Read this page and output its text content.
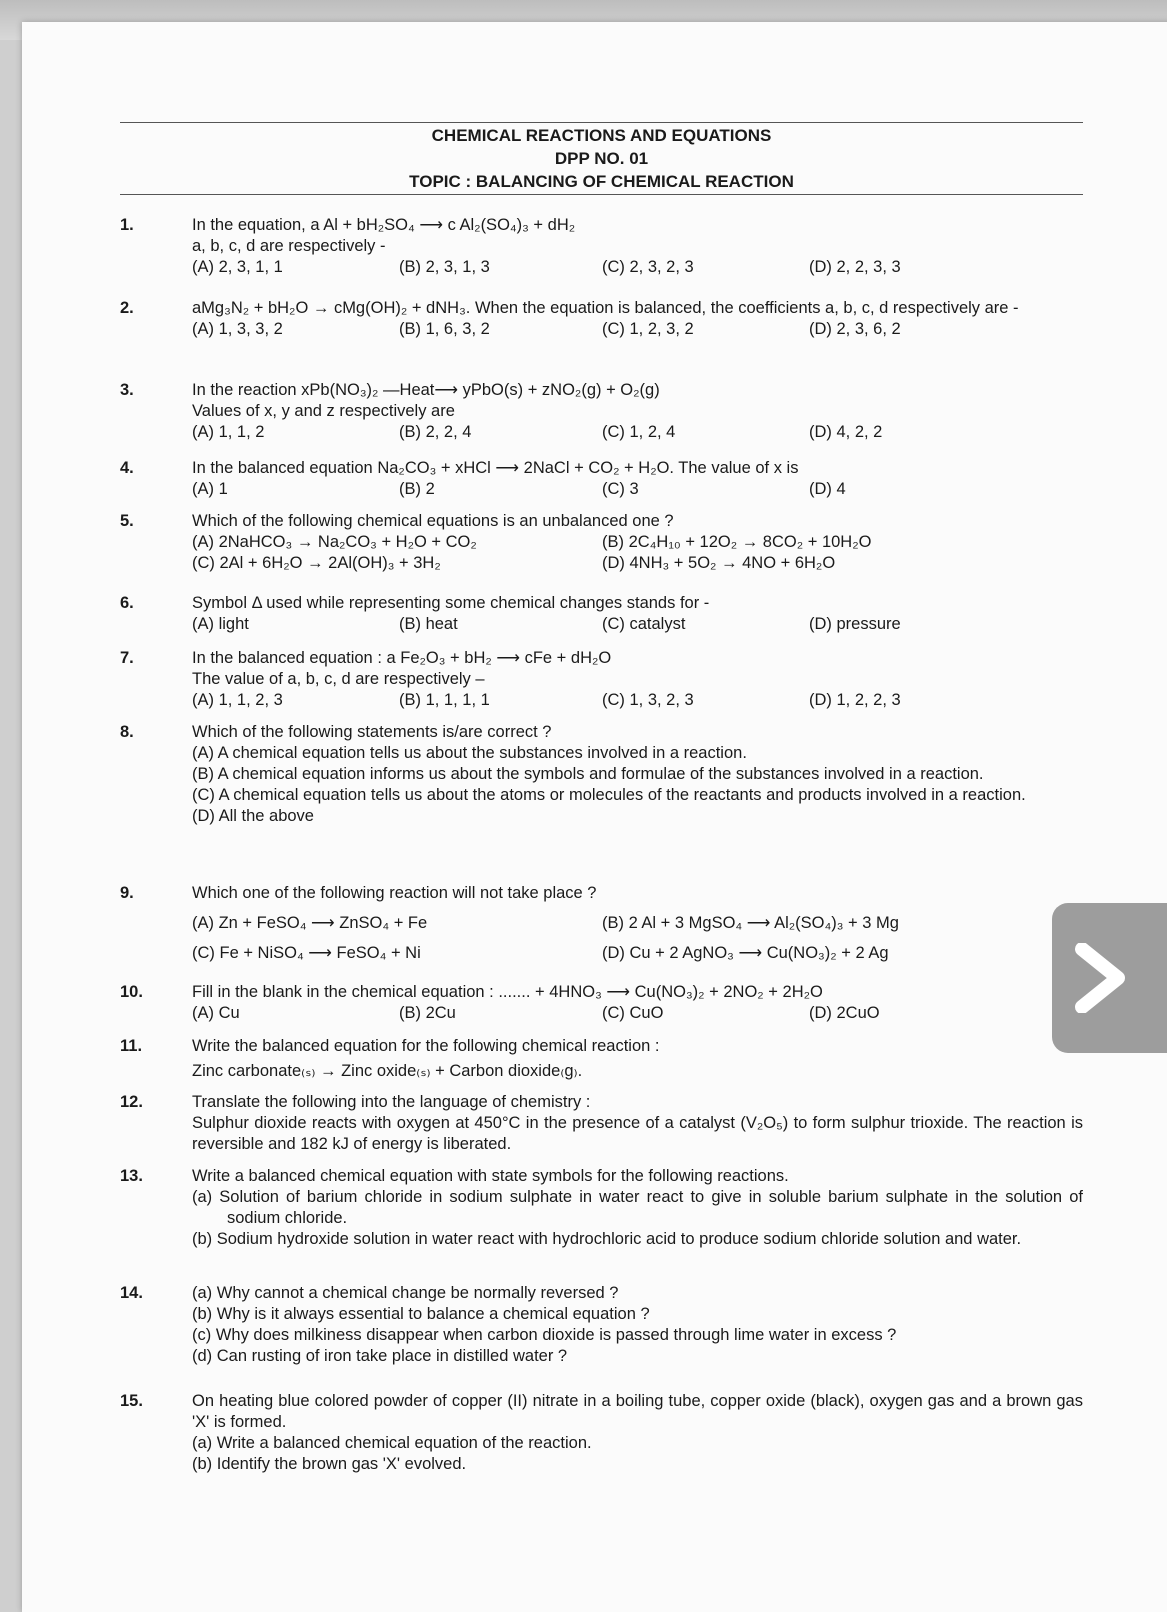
CHEMICAL REACTIONS AND EQUATIONS
DPP NO. 01
TOPIC : BALANCING OF CHEMICAL REACTION
1.	In the equation, a Al + bH₂SO₄ ⟶ c Al₂(SO₄)₃ + dH₂
a, b, c, d are respectively -
(A) 2, 3, 1, 1	(B) 2, 3, 1, 3	(C) 2, 3, 2, 3	(D) 2, 2, 3, 3
2.	aMg₃N₂ + bH₂O → cMg(OH)₂ + dNH₃. When the equation is balanced, the coefficients a, b, c, d respectively are -
(A) 1, 3, 3, 2	(B) 1, 6, 3, 2	(C) 1, 2, 3, 2	(D) 2, 3, 6, 2
3.	In the reaction xPb(NO₃)₂ —Heat⟶ yPbO(s) + zNO₂(g) + O₂(g)
Values of x, y and z respectively are
(A) 1, 1, 2	(B) 2, 2, 4	(C) 1, 2, 4	(D) 4, 2, 2
4.	In the balanced equation Na₂CO₃ + xHCl ⟶ 2NaCl + CO₂ + H₂O. The value of x is
(A) 1	(B) 2	(C) 3	(D) 4
5.	Which of the following chemical equations is an unbalanced one ?
(A) 2NaHCO₃ → Na₂CO₃ + H₂O + CO₂	(B) 2C₄H₁₀ + 12O₂ → 8CO₂ + 10H₂O
(C) 2Al + 6H₂O → 2Al(OH)₃ + 3H₂	(D) 4NH₃ + 5O₂ → 4NO + 6H₂O
6.	Symbol Δ used while representing some chemical changes stands for -
(A) light	(B) heat	(C) catalyst	(D) pressure
7.	In the balanced equation : a Fe₂O₃ + bH₂ ⟶ cFe + dH₂O
The value of a, b, c, d are respectively –
(A) 1, 1, 2, 3	(B) 1, 1, 1, 1	(C) 1, 3, 2, 3	(D) 1, 2, 2, 3
8.	Which of the following statements is/are correct ?
(A) A chemical equation tells us about the substances involved in a reaction.
(B) A chemical equation informs us about the symbols and formulae of the substances involved in a reaction.
(C) A chemical equation tells us about the atoms or molecules of the reactants and products involved in a reaction.
(D) All the above
9.	Which one of the following reaction will not take place ?
(A) Zn + FeSO₄ ⟶ ZnSO₄ + Fe	(B) 2 Al + 3 MgSO₄ ⟶ Al₂(SO₄)₃ + 3 Mg
(C) Fe + NiSO₄ ⟶ FeSO₄ + Ni	(D) Cu + 2 AgNO₃ ⟶ Cu(NO₃)₂ + 2 Ag
10.	Fill in the blank in the chemical equation : ....... + 4HNO₃ ⟶ Cu(NO₃)₂ + 2NO₂ + 2H₂O
(A) Cu	(B) 2Cu	(C) CuO	(D) 2CuO
11.	Write the balanced equation for the following chemical reaction :
Zinc carbonate₍ₛ₎ → Zinc oxide₍ₛ₎ + Carbon dioxide₍g₎.
12.	Translate the following into the language of chemistry :
Sulphur dioxide reacts with oxygen at 450°C in the presence of a catalyst (V₂O₅) to form sulphur trioxide. The reaction is reversible and 182 kJ of energy is liberated.
13.	Write a balanced chemical equation with state symbols for the following reactions.
(a) Solution of barium chloride in sodium sulphate in water react to give in soluble barium sulphate in the solution of sodium chloride.
(b) Sodium hydroxide solution in water react with hydrochloric acid to produce sodium chloride solution and water.
14.	(a) Why cannot a chemical change be normally reversed ?
(b) Why is it always essential to balance a chemical equation ?
(c) Why does milkiness disappear when carbon dioxide is passed through lime water in excess ?
(d) Can rusting of iron take place in distilled water ?
15.	On heating blue colored powder of copper (II) nitrate in a boiling tube, copper oxide (black), oxygen gas and a brown gas 'X' is formed.
(a) Write a balanced chemical equation of the reaction.
(b) Identify the brown gas 'X' evolved.
